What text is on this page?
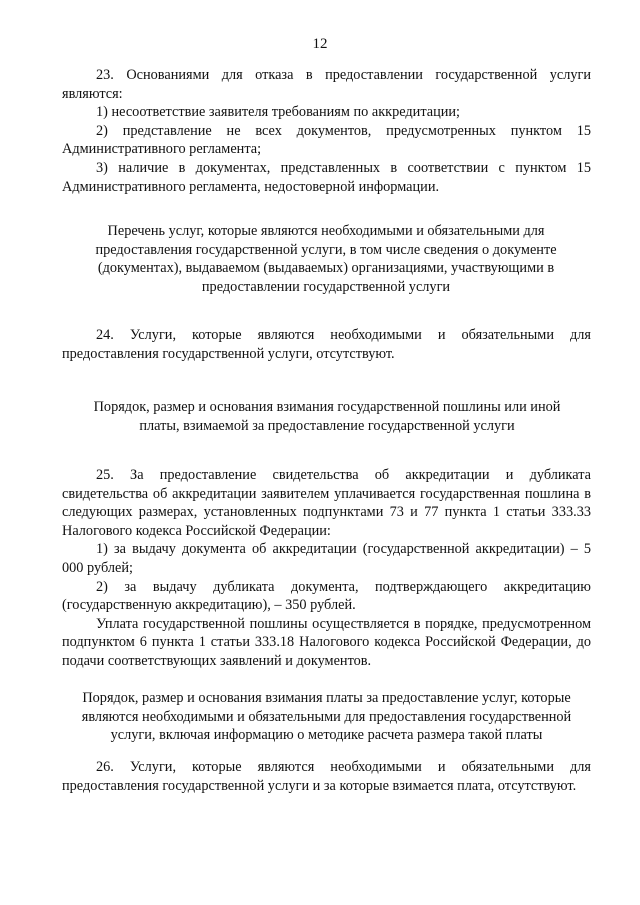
12

23. Основаниями для отказа в предоставлении государственной услуги являются:

1) несоответствие заявителя требованиям по аккредитации;

2) представление не всех документов, предусмотренных пунктом 15 Административного регламента;

3) наличие в документах, представленных в соответствии с пунктом 15 Административного регламента, недостоверной информации.

Перечень услуг, которые являются необходимыми и обязательными для предоставления государственной услуги, в том числе сведения о документе (документах), выдаваемом (выдаваемых) организациями, участвующими в предоставлении государственной услуги

24. Услуги, которые являются необходимыми и обязательными для предоставления государственной услуги, отсутствуют.

Порядок, размер и основания взимания государственной пошлины или иной платы, взимаемой за предоставление государственной услуги

25. За предоставление свидетельства об аккредитации и дубликата свидетельства об аккредитации заявителем уплачивается государственная пошлина в следующих размерах, установленных подпунктами 73 и 77 пункта 1 статьи 333.33 Налогового кодекса Российской Федерации:

1) за выдачу документа об аккредитации (государственной аккредитации) – 5 000 рублей;

2) за выдачу дубликата документа, подтверждающего аккредитацию (государственную аккредитацию), – 350 рублей.

Уплата государственной пошлины осуществляется в порядке, предусмотренном подпунктом 6 пункта 1 статьи 333.18 Налогового кодекса Российской Федерации, до подачи соответствующих заявлений и документов.

Порядок, размер и основания взимания платы за предоставление услуг, которые являются необходимыми и обязательными для предоставления государственной услуги, включая информацию о методике расчета размера такой платы

26. Услуги, которые являются необходимыми и обязательными для предоставления государственной услуги и за которые взимается плата, отсутствуют.
